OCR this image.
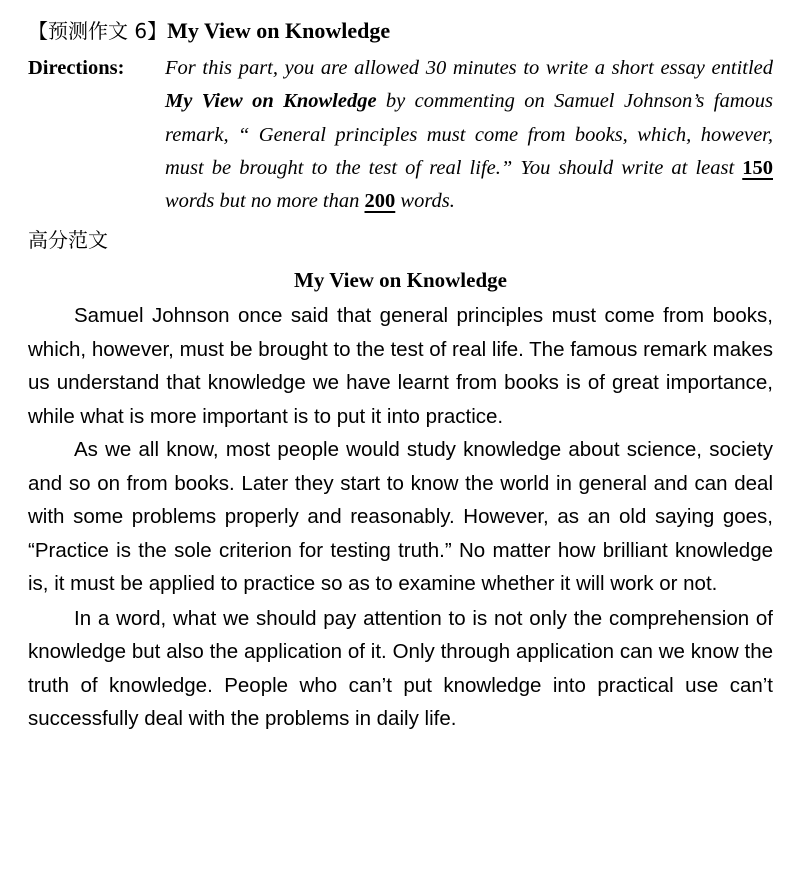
【预测作文 6】My View on Knowledge
Directions:	For this part, you are allowed 30 minutes to write a short essay entitled My View on Knowledge by commenting on Samuel Johnson’s famous remark, “ General principles must come from books, which, however, must be brought to the test of real life.” You should write at least 150 words but no more than 200 words.
高分范文
My View on Knowledge

Samuel Johnson once said that general principles must come from books, which, however, must be brought to the test of real life. The famous remark makes us understand that knowledge we have learnt from books is of great importance, while what is more important is to put it into practice.

As we all know, most people would study knowledge about science, society and so on from books. Later they start to know the world in general and can deal with some problems properly and reasonably. However, as an old saying goes, “Practice is the sole criterion for testing truth.” No matter how brilliant knowledge is, it must be applied to practice so as to examine whether it will work or not.

In a word, what we should pay attention to is not only the comprehension of knowledge but also the application of it. Only through application can we know the truth of knowledge. People who can’t put knowledge into practical use can’t successfully deal with the problems in daily life.
